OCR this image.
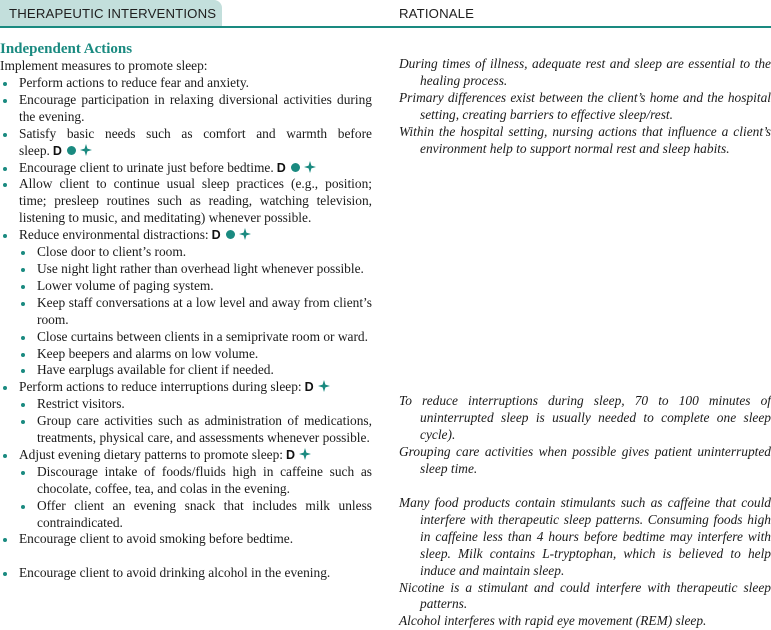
THERAPEUTIC INTERVENTIONS	RATIONALE
Independent Actions
Implement measures to promote sleep:
Perform actions to reduce fear and anxiety.
Encourage participation in relaxing diversional activities during the evening.
Satisfy basic needs such as comfort and warmth before sleep. D
Encourage client to urinate just before bedtime. D
Allow client to continue usual sleep practices (e.g., position; time; presleep routines such as reading, watching television, listening to music, and meditating) whenever possible.
Reduce environmental distractions: D
Close door to client’s room.
Use night light rather than overhead light whenever possible.
Lower volume of paging system.
Keep staff conversations at a low level and away from client’s room.
Close curtains between clients in a semiprivate room or ward.
Keep beepers and alarms on low volume.
Have earplugs available for client if needed.
Perform actions to reduce interruptions during sleep: D
Restrict visitors.
Group care activities such as administration of medications, treatments, physical care, and assessments whenever possible.
Adjust evening dietary patterns to promote sleep: D
Discourage intake of foods/fluids high in caffeine such as chocolate, coffee, tea, and colas in the evening.
Offer client an evening snack that includes milk unless contraindicated.
Encourage client to avoid smoking before bedtime.
Encourage client to avoid drinking alcohol in the evening.
During times of illness, adequate rest and sleep are essential to the healing process.
Primary differences exist between the client’s home and the hospital setting, creating barriers to effective sleep/rest.
Within the hospital setting, nursing actions that influence a client’s environment help to support normal rest and sleep habits.
To reduce interruptions during sleep, 70 to 100 minutes of uninterrupted sleep is usually needed to complete one sleep cycle).
Grouping care activities when possible gives patient uninterrupted sleep time.
Many food products contain stimulants such as caffeine that could interfere with therapeutic sleep patterns. Consuming foods high in caffeine less than 4 hours before bedtime may interfere with sleep. Milk contains L-tryptophan, which is believed to help induce and maintain sleep.
Nicotine is a stimulant and could interfere with therapeutic sleep patterns.
Alcohol interferes with rapid eye movement (REM) sleep.
